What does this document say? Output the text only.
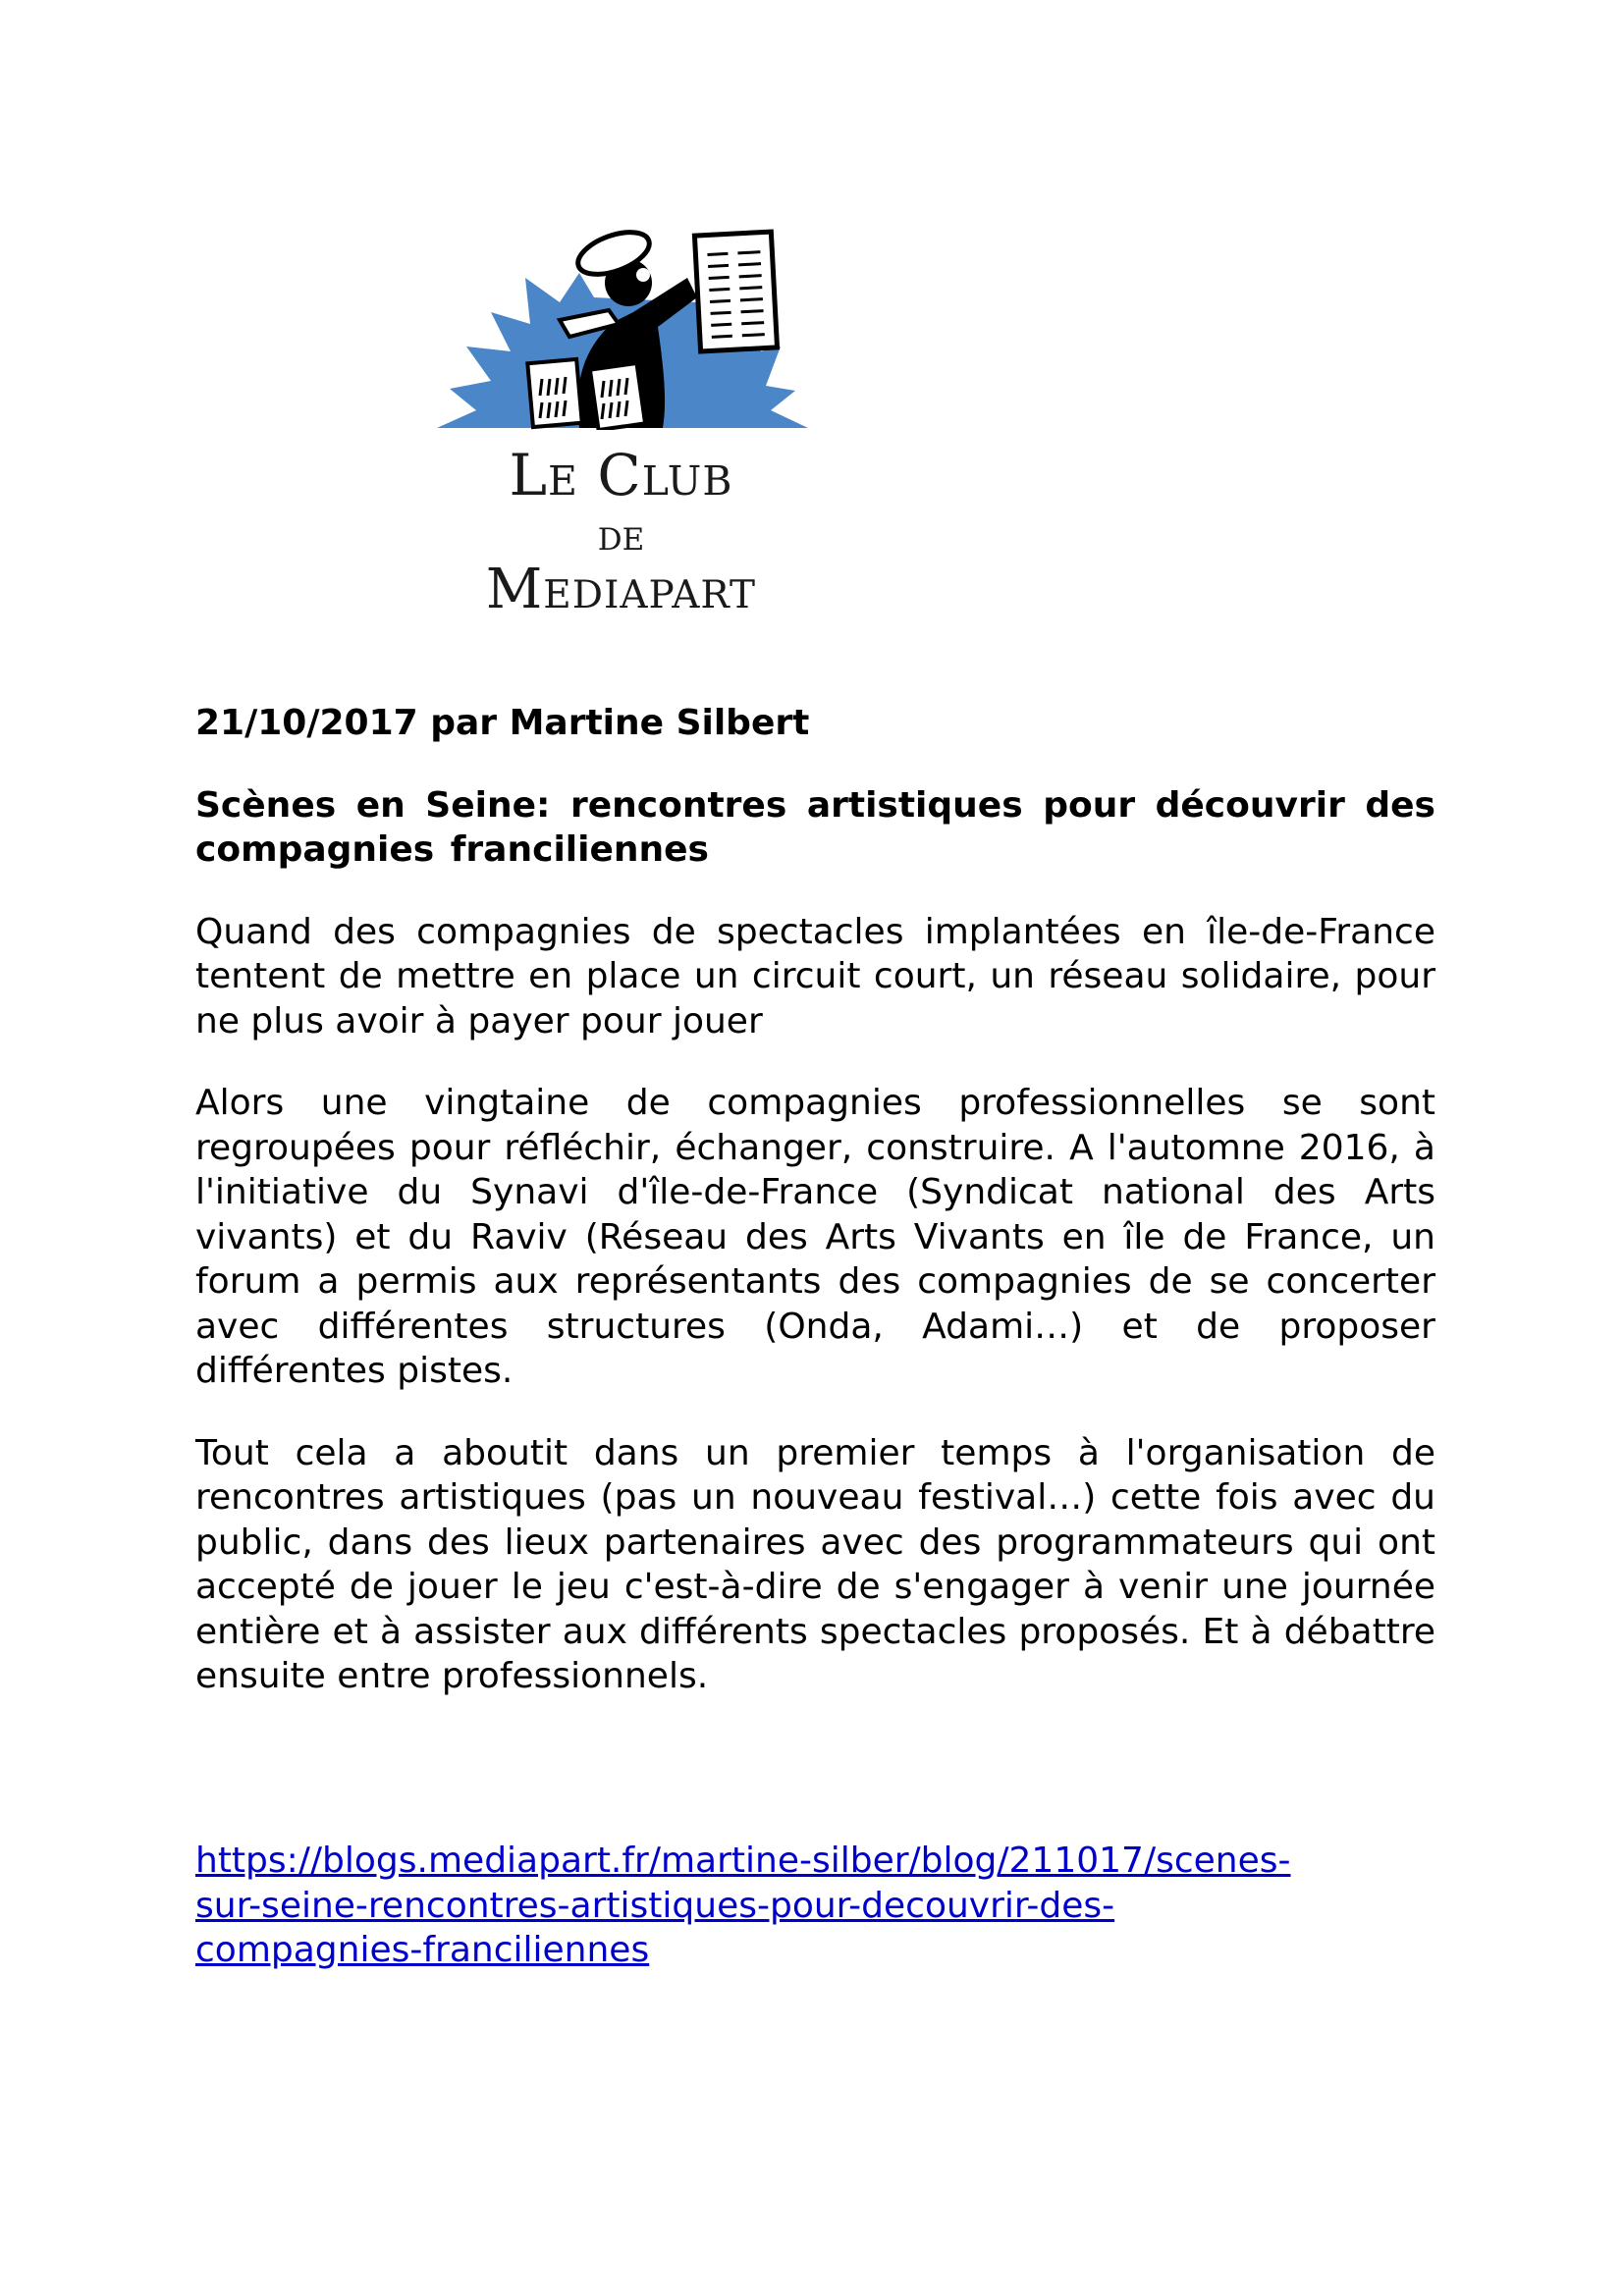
Le Club
de
Mediapart

21/10/2017 par Martine Silbert

Scènes en Seine: rencontres artistiques pour découvrir des compagnies franciliennes

Quand des compagnies de spectacles implantées en île-de-France tentent de mettre en place un circuit court, un réseau solidaire, pour ne plus avoir à payer pour jouer

Alors une vingtaine de compagnies professionnelles se sont regroupées pour réfléchir, échanger, construire. A l'automne 2016, à l'initiative du Synavi d'île-de-France (Syndicat national des Arts vivants) et du Raviv (Réseau des Arts Vivants en île de France, un forum a permis aux représentants des compagnies de se concerter avec différentes structures (Onda, Adami…) et de proposer différentes pistes.

Tout cela a aboutit dans un premier temps à l'organisation de rencontres artistiques (pas un nouveau festival…) cette fois avec du public, dans des lieux partenaires avec des programmateurs qui ont accepté de jouer le jeu c'est-à-dire de s'engager à venir une journée entière et à assister aux différents spectacles proposés. Et à débattre ensuite entre professionnels.

https://blogs.mediapart.fr/martine-silber/blog/211017/scenes-
sur-seine-rencontres-artistiques-pour-decouvrir-des-
compagnies-franciliennes
